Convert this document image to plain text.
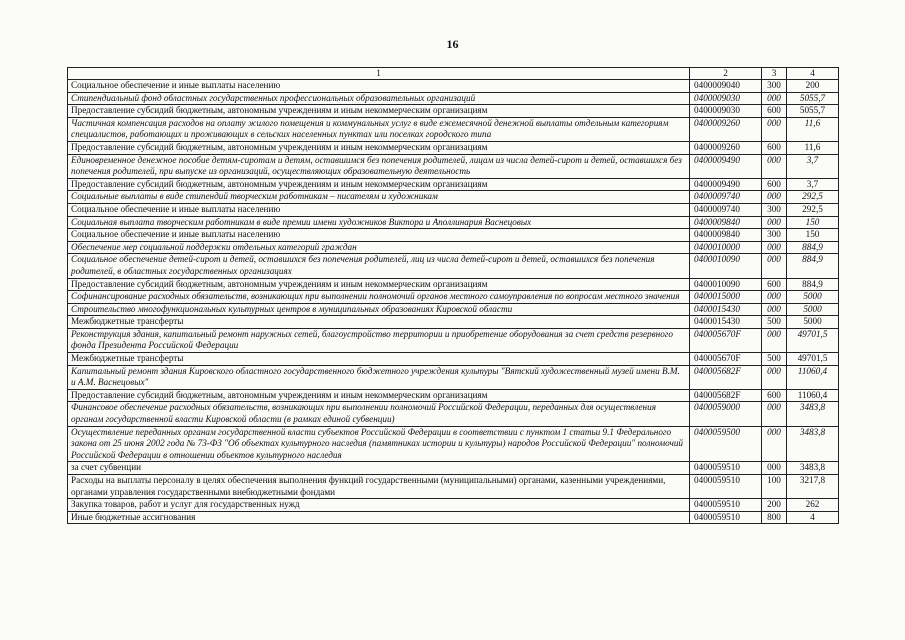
16
1	2	3	4
Социальное обеспечение и иные выплаты населению	0400009040	300	200
Стипендиальный фонд областных государственных профессиональных образовательных организаций	0400009030	000	5055,7
Предоставление субсидий бюджетным, автономным учреждениям и иным некоммерческим организациям	0400009030	600	5055,7
Частичная компенсация расходов на оплату жилого помещения и коммунальных услуг в виде ежемесячной денежной выплаты отдельным категориям специалистов, работающих и проживающих в сельских населенных пунктах или поселках городского типа	0400009260	000	11,6
Предоставление субсидий бюджетным, автономным учреждениям и иным некоммерческим организациям	0400009260	600	11,6
Единовременное денежное пособие детям-сиротам и детям, оставшимся без попечения родителей, лицам из числа детей-сирот и детей, оставшихся без попечения родителей, при выпуске из организаций, осуществляющих образовательную деятельность	0400009490	000	3,7
Предоставление субсидий бюджетным, автономным учреждениям и иным некоммерческим организациям	0400009490	600	3,7
Социальные выплаты в виде стипендий творческим работникам – писателям и художникам	0400009740	000	292,5
Социальное обеспечение и иные выплаты населению	0400009740	300	292,5
Социальная выплата творческим работникам в виде премии имени художников Виктора и Аполлинария Васнецовых	0400009840	000	150
Социальное обеспечение и иные выплаты населению	0400009840	300	150
Обеспечение мер социальной поддержки отдельных категорий граждан	0400010000	000	884,9
Социальное обеспечение детей-сирот и детей, оставшихся без попечения родителей, лиц из числа детей-сирот и детей, оставшихся без попечения родителей, в областных государственных организациях	0400010090	000	884,9
Предоставление субсидий бюджетным, автономным учреждениям и иным некоммерческим организациям	0400010090	600	884,9
Софинансирование расходных обязательств, возникающих при выполнении полномочий органов местного самоуправления по вопросам местного значения	0400015000	000	5000
Строительство многофункциональных культурных центров в муниципальных образованиях Кировской области	0400015430	000	5000
Межбюджетные трансферты	0400015430	500	5000
Реконструкция здания, капитальный ремонт наружных сетей, благоустройство территории и приобретение оборудования за счет средств резервного фонда Президента Российской Федерации	040005670F	000	49701,5
Межбюджетные трансферты	040005670F	500	49701,5
Капитальный ремонт здания Кировского областного государственного бюджетного учреждения культуры "Вятский художественный музей имени В.М. и А.М. Васнецовых"	040005682F	000	11060,4
Предоставление субсидий бюджетным, автономным учреждениям и иным некоммерческим организациям	040005682F	600	11060,4
Финансовое обеспечение расходных обязательств, возникающих при выполнении полномочий Российской Федерации, переданных для осуществления органам государственной власти Кировской области (в рамках единой субвенции)	0400059000	000	3483,8
Осуществление переданных органам государственной власти субъектов Российской Федерации в соответствии с пунктом 1 статьи 9.1 Федерального закона от 25 июня 2002 года № 73-ФЗ "Об объектах культурного наследия (памятниках истории и культуры) народов Российской Федерации" полномочий Российской Федерации в отношении объектов культурного наследия	0400059500	000	3483,8
за счет субвенции	0400059510	000	3483,8
Расходы на выплаты персоналу в целях обеспечения выполнения функций государственными (муниципальными) органами, казенными учреждениями, органами управления государственными внебюджетными фондами	0400059510	100	3217,8
Закупка товаров, работ и услуг для государственных нужд	0400059510	200	262
Иные бюджетные ассигнования	0400059510	800	4
